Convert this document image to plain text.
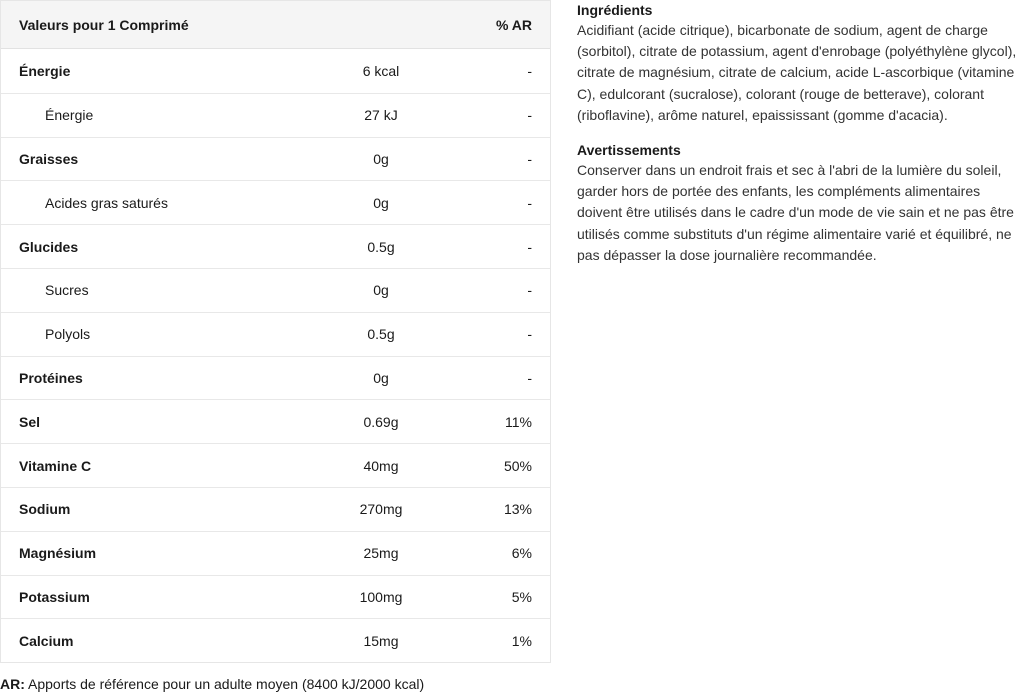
Valeurs pour 1 Comprimé	% AR
Énergie	6 kcal	-
Énergie	27 kJ	-
Graisses	0g	-
Acides gras saturés	0g	-
Glucides	0.5g	-
Sucres	0g	-
Polyols	0.5g	-
Protéines	0g	-
Sel	0.69g	11%
Vitamine C	40mg	50%
Sodium	270mg	13%
Magnésium	25mg	6%
Potassium	100mg	5%
Calcium	15mg	1%
AR: Apports de référence pour un adulte moyen (8400 kJ/2000 kcal)

Ingrédients

Acidifiant (acide citrique), bicarbonate de sodium, agent de charge (sorbitol), citrate de potassium, agent d'enrobage (polyéthylène glycol), citrate de magnésium, citrate de calcium, acide L-ascorbique (vitamine C), edulcorant (sucralose), colorant (rouge de betterave), colorant (riboflavine), arôme naturel, epaississant (gomme d'acacia).

Avertissements

Conserver dans un endroit frais et sec à l'abri de la lumière du soleil, garder hors de portée des enfants, les compléments alimentaires doivent être utilisés dans le cadre d'un mode de vie sain et ne pas être utilisés comme substituts d'un régime alimentaire varié et équilibré, ne pas dépasser la dose journalière recommandée.
